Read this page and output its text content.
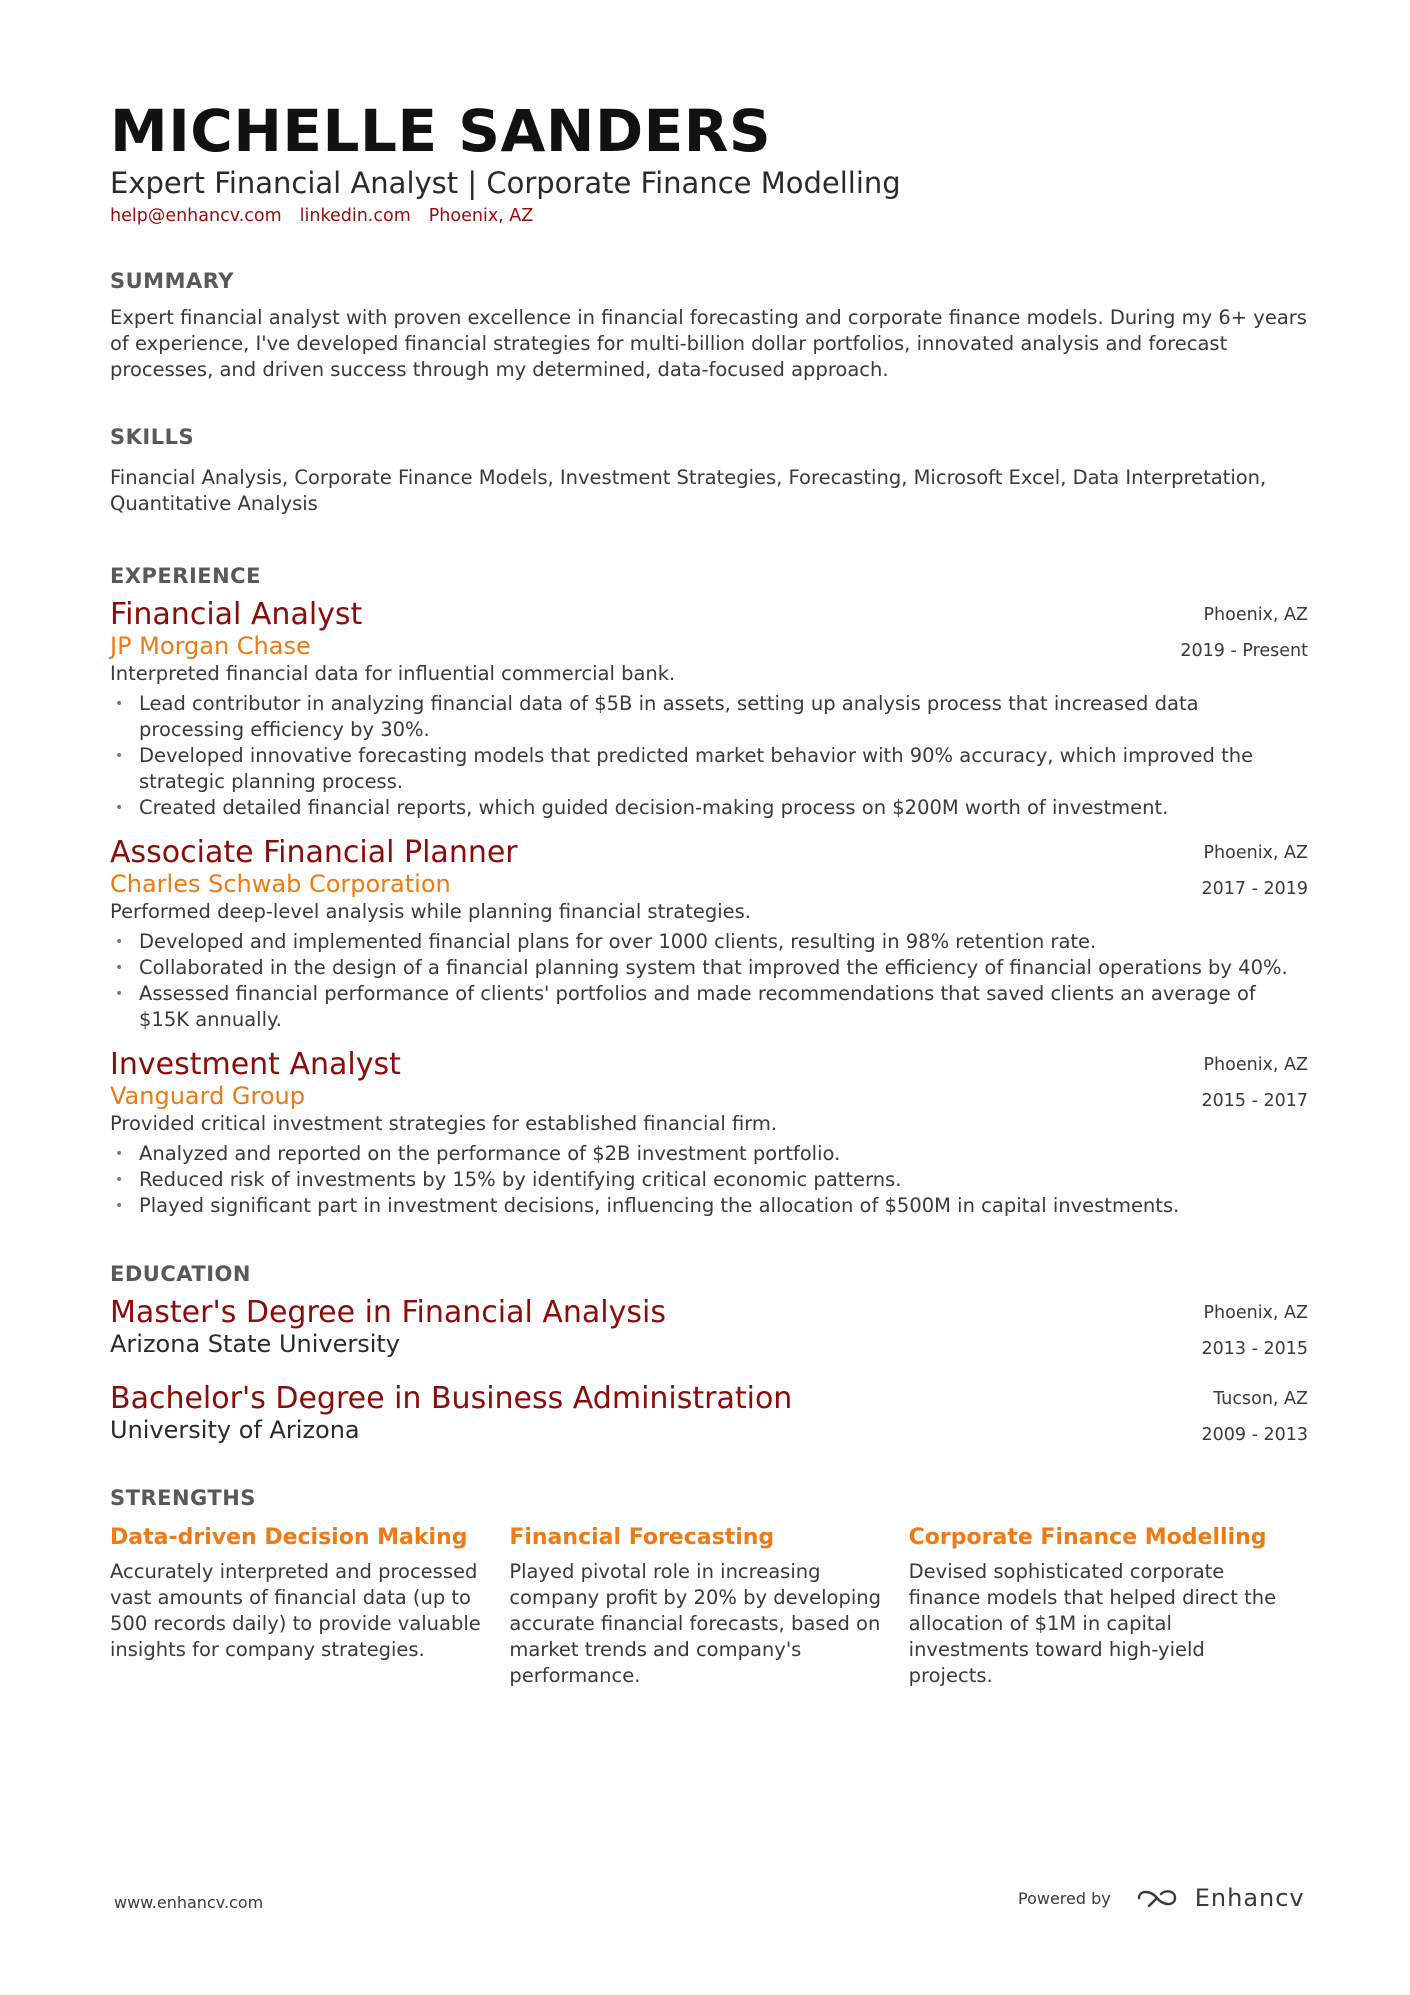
MICHELLE SANDERS
Expert Financial Analyst | Corporate Finance Modelling
help@enhancv.com linkedin.com Phoenix, AZ
SUMMARY

Expert financial analyst with proven excellence in financial forecasting and corporate finance models. During my 6+ years of experience, I've developed financial strategies for multi-billion dollar portfolios, innovated analysis and forecast processes, and driven success through my determined, data-focused approach.

SKILLS

Financial Analysis, Corporate Finance Models, Investment Strategies, Forecasting, Microsoft Excel, Data Interpretation, Quantitative Analysis

EXPERIENCE
Financial Analyst
JP Morgan Chase
Phoenix, AZ
2019 - Present
Interpreted financial data for influential commercial bank.
• Lead contributor in analyzing financial data of $5B in assets, setting up analysis process that increased data processing efficiency by 30%.
• Developed innovative forecasting models that predicted market behavior with 90% accuracy, which improved the strategic planning process.
• Created detailed financial reports, which guided decision-making process on $200M worth of investment.
Associate Financial Planner
Charles Schwab Corporation
Phoenix, AZ
2017 - 2019
Performed deep-level analysis while planning financial strategies.
• Developed and implemented financial plans for over 1000 clients, resulting in 98% retention rate.
• Collaborated in the design of a financial planning system that improved the efficiency of financial operations by 40%.
• Assessed financial performance of clients' portfolios and made recommendations that saved clients an average of $15K annually.
Investment Analyst
Vanguard Group
Phoenix, AZ
2015 - 2017
Provided critical investment strategies for established financial firm.
• Analyzed and reported on the performance of $2B investment portfolio.
• Reduced risk of investments by 15% by identifying critical economic patterns.
• Played significant part in investment decisions, influencing the allocation of $500M in capital investments.
EDUCATION
Master's Degree in Financial Analysis
Arizona State University
Phoenix, AZ
2013 - 2015
Bachelor's Degree in Business Administration
University of Arizona
Tucson, AZ
2009 - 2013
STRENGTHS
Data-driven Decision Making
Accurately interpreted and processed vast amounts of financial data (up to 500 records daily) to provide valuable insights for company strategies.
Financial Forecasting
Played pivotal role in increasing company profit by 20% by developing accurate financial forecasts, based on market trends and company's performance.
Corporate Finance Modelling
Devised sophisticated corporate finance models that helped direct the allocation of $1M in capital investments toward high-yield projects.
www.enhancv.com	Powered by	Enhancv
